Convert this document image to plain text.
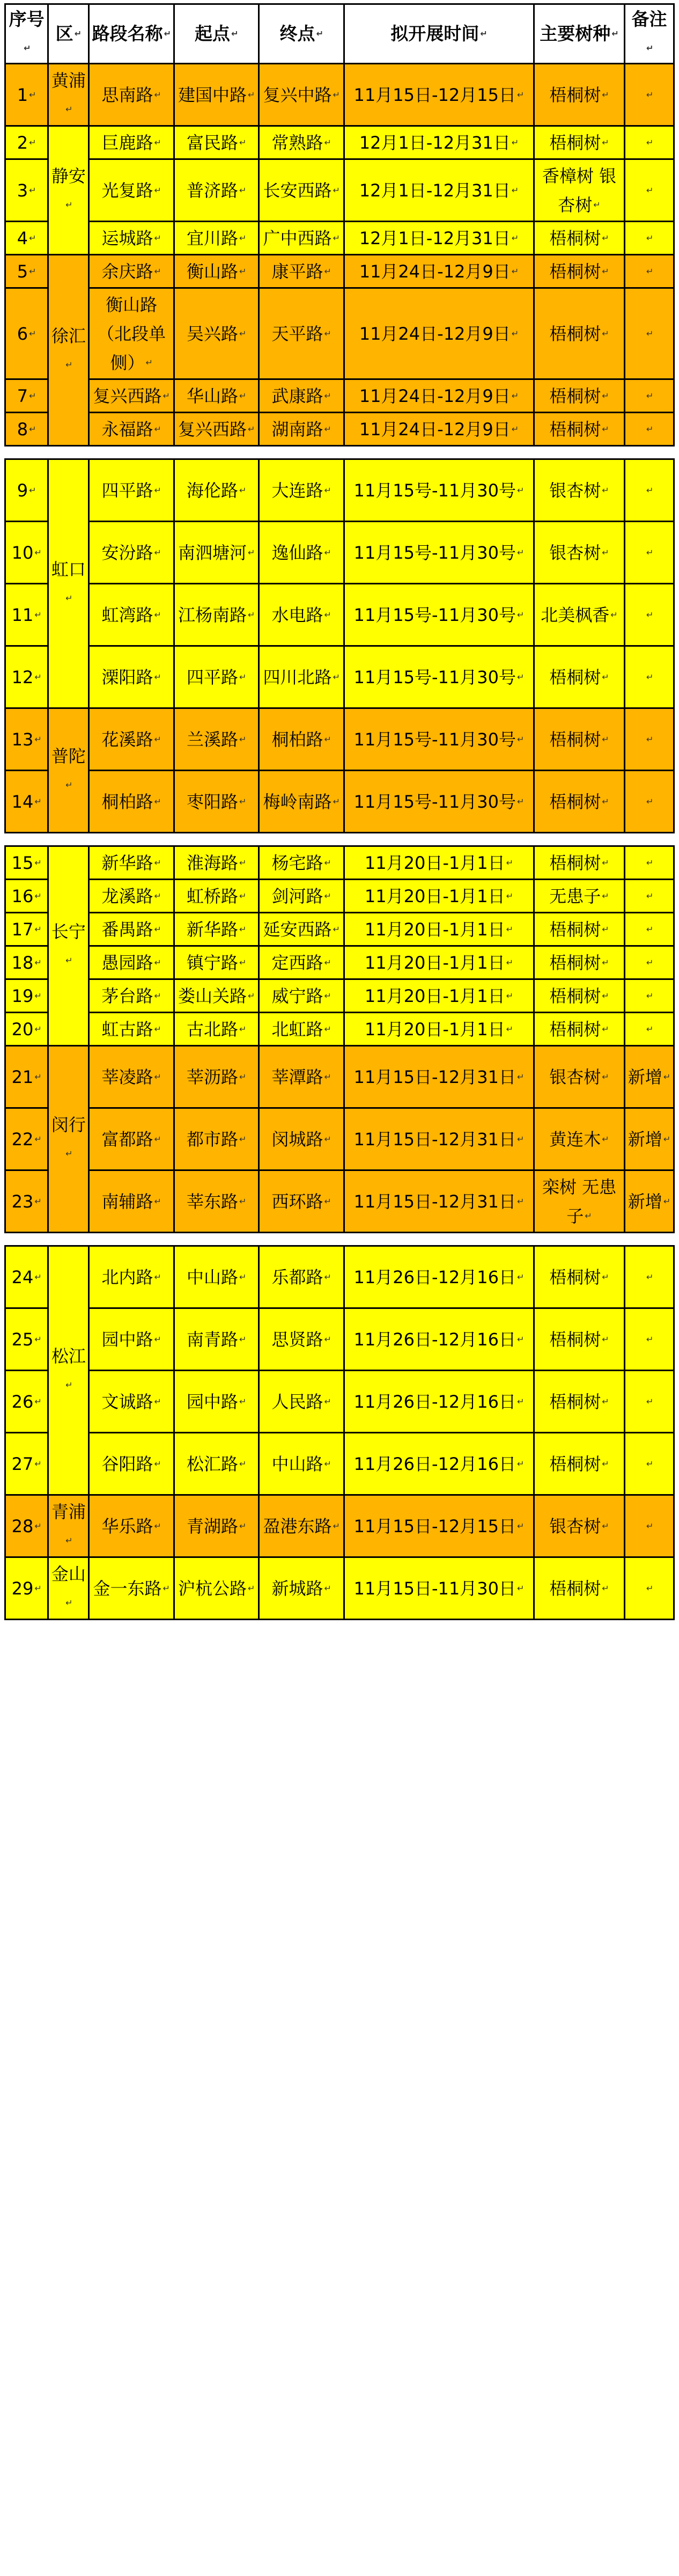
序号 ↵	区 ↵	路段名称 ↵	起点 ↵	终点 ↵	拟开展时间 ↵	主要树种 ↵	备注 ↵
1 ↵	黄浦 ↵	思南路 ↵	建国中路 ↵	复兴中路 ↵	11月15日-12月15日 ↵	梧桐树 ↵	↵
2 ↵	静安 ↵	巨鹿路 ↵	富民路 ↵	常熟路 ↵	12月1日-12月31日 ↵	梧桐树 ↵	↵
3 ↵		光复路 ↵	普济路 ↵	长安西路 ↵	12月1日-12月31日 ↵	香樟树 银杏树 ↵	↵
4 ↵		运城路 ↵	宜川路 ↵	广中西路 ↵	12月1日-12月31日 ↵	梧桐树 ↵	↵
5 ↵	徐汇 ↵	余庆路 ↵	衡山路 ↵	康平路 ↵	11月24日-12月9日 ↵	梧桐树 ↵	↵
6 ↵		衡山路 （北段单侧） ↵	吴兴路 ↵	天平路 ↵	11月24日-12月9日 ↵	梧桐树 ↵	↵
7 ↵		复兴西路 ↵	华山路 ↵	武康路 ↵	11月24日-12月9日 ↵	梧桐树 ↵	↵
8 ↵		永福路 ↵	复兴西路 ↵	湖南路 ↵	11月24日-12月9日 ↵	梧桐树 ↵	↵
9 ↵	虹口 ↵	四平路 ↵	海伦路 ↵	大连路 ↵	11月15号-11月30号 ↵	银杏树 ↵	↵
10 ↵		安汾路 ↵	南泗塘河 ↵	逸仙路 ↵	11月15号-11月30号 ↵	银杏树 ↵	↵
11 ↵		虹湾路 ↵	江杨南路 ↵	水电路 ↵	11月15号-11月30号 ↵	北美枫香 ↵	↵
12 ↵		溧阳路 ↵	四平路 ↵	四川北路 ↵	11月15号-11月30号 ↵	梧桐树 ↵	↵
13 ↵	普陀 ↵	花溪路 ↵	兰溪路 ↵	桐柏路 ↵	11月15号-11月30号 ↵	梧桐树 ↵	↵
14 ↵		桐柏路 ↵	枣阳路 ↵	梅岭南路 ↵	11月15号-11月30号 ↵	梧桐树 ↵	↵
15 ↵	长宁 ↵	新华路 ↵	淮海路 ↵	杨宅路 ↵	11月20日-1月1日 ↵	梧桐树 ↵	↵
16 ↵		龙溪路 ↵	虹桥路 ↵	剑河路 ↵	11月20日-1月1日 ↵	无患子 ↵	↵
17 ↵		番禺路 ↵	新华路 ↵	延安西路 ↵	11月20日-1月1日 ↵	梧桐树 ↵	↵
18 ↵		愚园路 ↵	镇宁路 ↵	定西路 ↵	11月20日-1月1日 ↵	梧桐树 ↵	↵
19 ↵		茅台路 ↵	娄山关路 ↵	威宁路 ↵	11月20日-1月1日 ↵	梧桐树 ↵	↵
20 ↵		虹古路 ↵	古北路 ↵	北虹路 ↵	11月20日-1月1日 ↵	梧桐树 ↵	↵
21 ↵	闵行 ↵	莘凌路 ↵	莘沥路 ↵	莘潭路 ↵	11月15日-12月31日 ↵	银杏树 ↵	新增 ↵
22 ↵		富都路 ↵	都市路 ↵	闵城路 ↵	11月15日-12月31日 ↵	黄连木 ↵	新增 ↵
23 ↵		南辅路 ↵	莘东路 ↵	西环路 ↵	11月15日-12月31日 ↵	栾树 无患子 ↵	新增 ↵
24 ↵	松江 ↵	北内路 ↵	中山路 ↵	乐都路 ↵	11月26日-12月16日 ↵	梧桐树 ↵	↵
25 ↵		园中路 ↵	南青路 ↵	思贤路 ↵	11月26日-12月16日 ↵	梧桐树 ↵	↵
26 ↵		文诚路 ↵	园中路 ↵	人民路 ↵	11月26日-12月16日 ↵	梧桐树 ↵	↵
27 ↵		谷阳路 ↵	松汇路 ↵	中山路 ↵	11月26日-12月16日 ↵	梧桐树 ↵	↵
28 ↵	青浦 ↵	华乐路 ↵	青湖路 ↵	盈港东路 ↵	11月15日-12月15日 ↵	银杏树 ↵	↵
29 ↵	金山 ↵	金一东路 ↵	沪杭公路 ↵	新城路 ↵	11月15日-11月30日 ↵	梧桐树 ↵	↵
